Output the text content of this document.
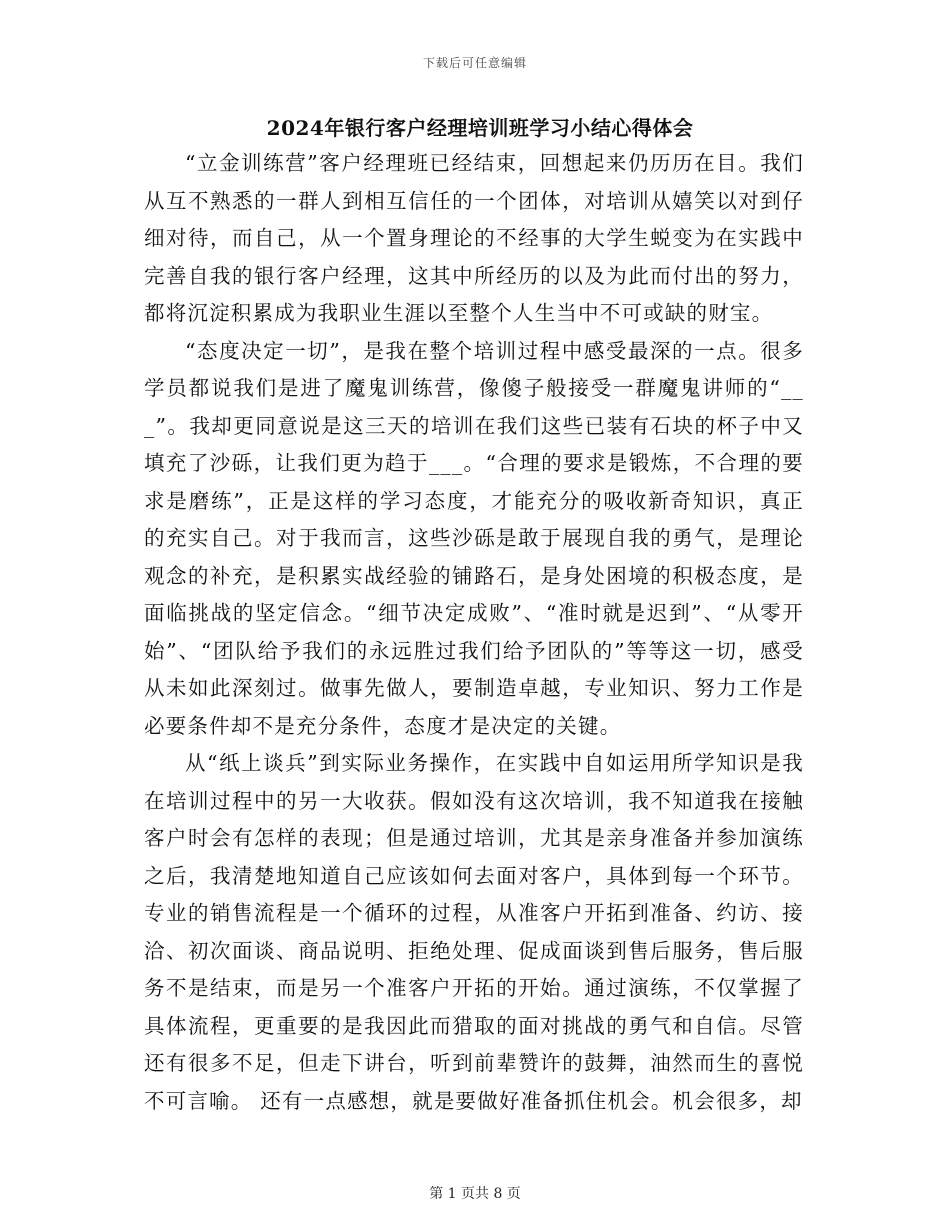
下载后可任意编辑
2024年银行客户经理培训班学习小结心得体会

“立金训练营”客户经理班已经结束，回想起来仍历历在目。我们从互不熟悉的一群人到相互信任的一个团体，对培训从嬉笑以对到仔细对待，而自己，从一个置身理论的不经事的大学生蜕变为在实践中完善自我的银行客户经理，这其中所经历的以及为此而付出的努力，都将沉淀积累成为我职业生涯以至整个人生当中不可或缺的财宝。

“态度决定一切”，是我在整个培训过程中感受最深的一点。很多学员都说我们是进了魔鬼训练营，像傻子般接受一群魔鬼讲师的“___”。我却更同意说是这三天的培训在我们这些已装有石块的杯子中又填充了沙砾，让我们更为趋于___。“合理的要求是锻炼，不合理的要求是磨练”，正是这样的学习态度，才能充分的吸收新奇知识，真正的充实自己。对于我而言，这些沙砾是敢于展现自我的勇气，是理论观念的补充，是积累实战经验的铺路石，是身处困境的积极态度，是面临挑战的坚定信念。“细节决定成败”、“准时就是迟到”、“从零开始”、“团队给予我们的永远胜过我们给予团队的”等等这一切，感受从未如此深刻过。做事先做人，要制造卓越，专业知识、努力工作是必要条件却不是充分条件，态度才是决定的关键。

从“纸上谈兵”到实际业务操作，在实践中自如运用所学知识是我在培训过程中的另一大收获。假如没有这次培训，我不知道我在接触客户时会有怎样的表现；但是通过培训，尤其是亲身准备并参加演练之后，我清楚地知道自己应该如何去面对客户，具体到每一个环节。专业的销售流程是一个循环的过程，从准客户开拓到准备、约访、接洽、初次面谈、商品说明、拒绝处理、促成面谈到售后服务，售后服务不是结束，而是另一个准客户开拓的开始。通过演练，不仅掌握了具体流程，更重要的是我因此而猎取的面对挑战的勇气和自信。尽管还有很多不足，但走下讲台，听到前辈赞许的鼓舞，油然而生的喜悦不可言喻。 还有一点感想，就是要做好准备抓住机会。机会很多，却

第 1 页共 8 页
